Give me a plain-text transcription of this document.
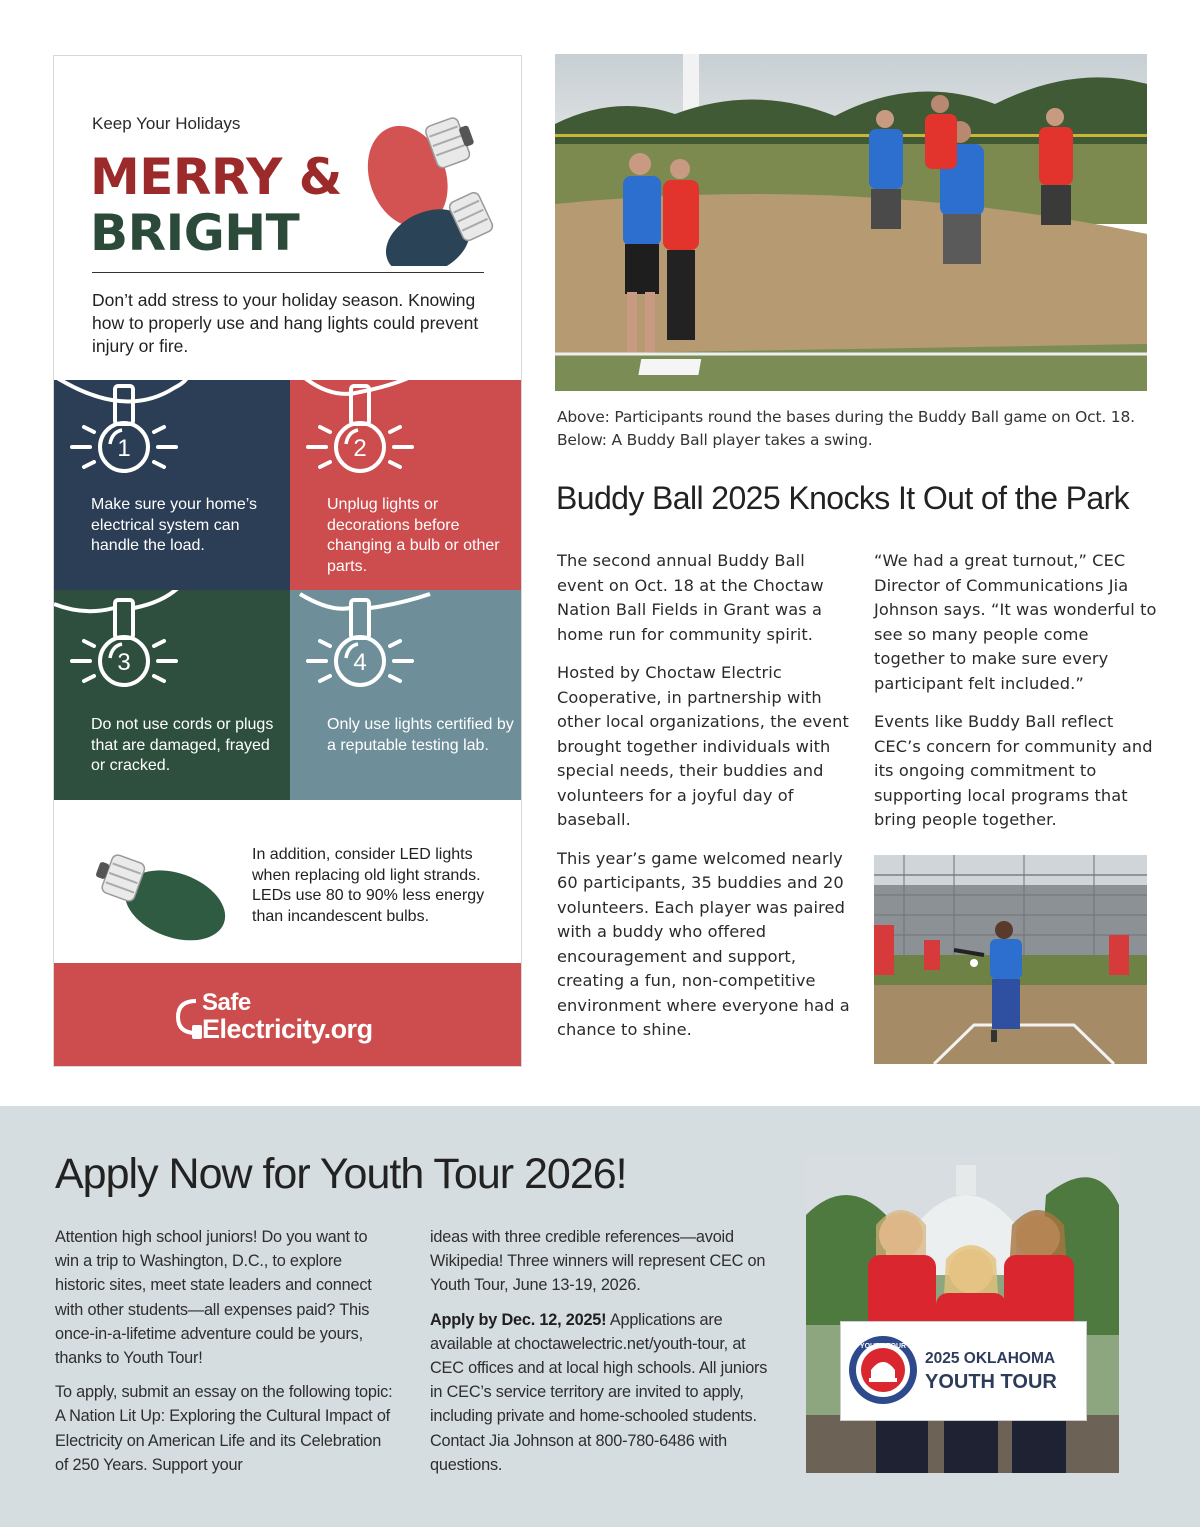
Keep Your Holidays
MERRY &
BRIGHT
Don’t add stress to your holiday season. Knowing how to properly use and hang lights could prevent injury or fire.
1
Make sure your home’s electrical system can handle the load.
2
Unplug lights or decorations before changing a bulb or other parts.
3
Do not use cords or plugs that are damaged, frayed or cracked.
4
Only use lights certified by a reputable testing lab.
In addition, consider LED lights when replacing old light strands. LEDs use 80 to 90% less energy than incandescent bulbs.
Safe
Electricity.org
Above: Participants round the bases during the Buddy Ball game on Oct. 18.
Below: A Buddy Ball player takes a swing.
Buddy Ball 2025 Knocks It Out of the Park

The second annual Buddy Ball event on Oct. 18 at the Choctaw Nation Ball Fields in Grant was a home run for community spirit.

Hosted by Choctaw Electric Cooperative, in partnership with other local organizations, the event brought together individuals with special needs, their buddies and volunteers for a joyful day of baseball.

This year’s game welcomed nearly 60 participants, 35 buddies and 20 volunteers. Each player was paired with a buddy who offered encouragement and support, creating a fun, non-competitive environment where everyone had a chance to shine.

“We had a great turnout,” CEC Director of Communications Jia Johnson says. “It was wonderful to see so many people come together to make sure every participant felt included.”

Events like Buddy Ball reflect CEC’s concern for community and its ongoing commitment to supporting local programs that bring people together.

Apply Now for Youth Tour 2026!

Attention high school juniors! Do you want to win a trip to Washington, D.C., to explore historic sites, meet state leaders and connect with other students—all expenses paid? This once-in-a-lifetime adventure could be yours, thanks to Youth Tour!

To apply, submit an essay on the following topic: A Nation Lit Up: Exploring the Cultural Impact of Electricity on American Life and its Celebration of 250 Years. Support your

ideas with three credible references—avoid Wikipedia! Three winners will represent CEC on Youth Tour, June 13-19, 2026.

Apply by Dec. 12, 2025! Applications are available at choctawelectric.net/youth-tour, at CEC offices and at local high schools. All juniors in CEC’s service territory are invited to apply, including private and home-schooled students. Contact Jia Johnson at 800-780-6486 with questions.

YOUTH TOUR
2025 OKLAHOMA
YOUTH TOUR
